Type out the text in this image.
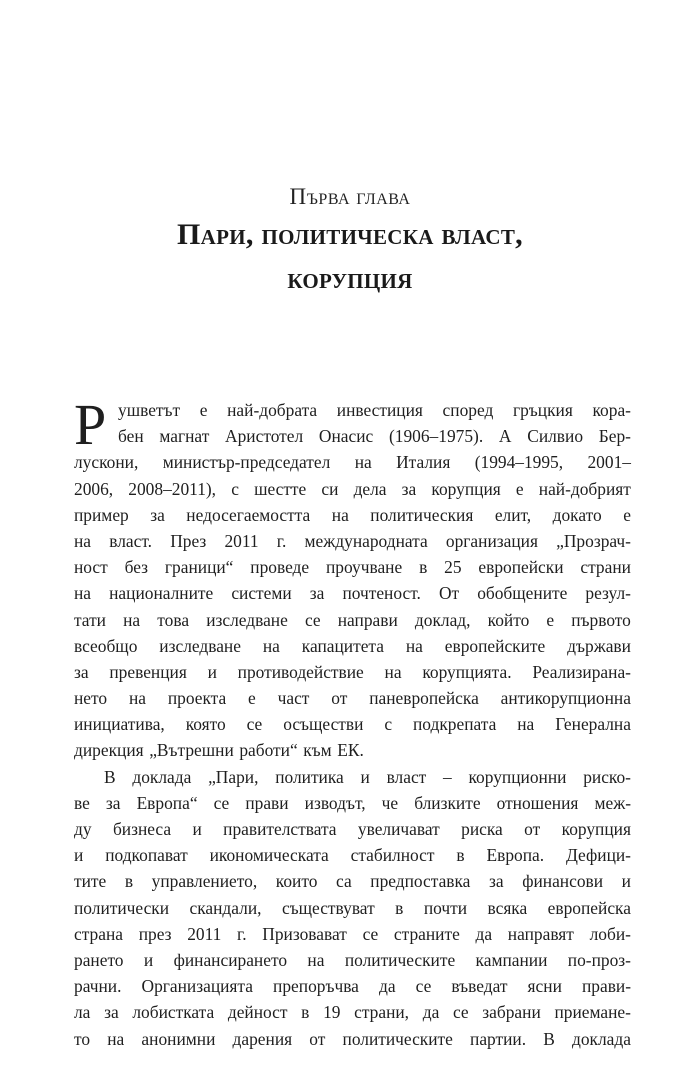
Първа глава
Пари, политическа власт,
корупция
Р ушветът е най-добрата инвестиция според гръцкия кора-
бен магнат Аристотел Онасис (1906–1975). А Силвио Бер-
лускони, министър-председател на Италия (1994–1995, 2001–
2006, 2008–2011), с шестте си дела за корупция е най-добрият
пример за недосегаемостта на политическия елит, докато е
на власт. През 2011 г. международната организация „Прозрач-
ност без граници“ проведе проучване в 25 европейски страни
на националните системи за почтеност. От обобщените резул-
тати на това изследване се направи доклад, който е първото
всеобщо изследване на капацитета на европейските държави
за превенция и противодействие на корупцията. Реализирана-
нето на проекта е част от паневропейска антикорупционна
инициатива, която се осъществи с подкрепата на Генерална
дирекция „Вътрешни работи“ към ЕК.
В доклада „Пари, политика и власт – корупционни риско-
ве за Европа“ се прави изводът, че близките отношения меж-
ду бизнеса и правителствата увеличават риска от корупция
и подкопават икономическата стабилност в Европа. Дефици-
тите в управлението, които са предпоставка за финансови и
политически скандали, съществуват в почти всяка европейска
страна през 2011 г. Призовават се страните да направят лоби-
рането и финансирането на политическите кампании по-проз-
рачни. Организацията препоръчва да се въведат ясни прави-
ла за лобистката дейност в 19 страни, да се забрани приемане-
то на анонимни дарения от политическите партии. В доклада
